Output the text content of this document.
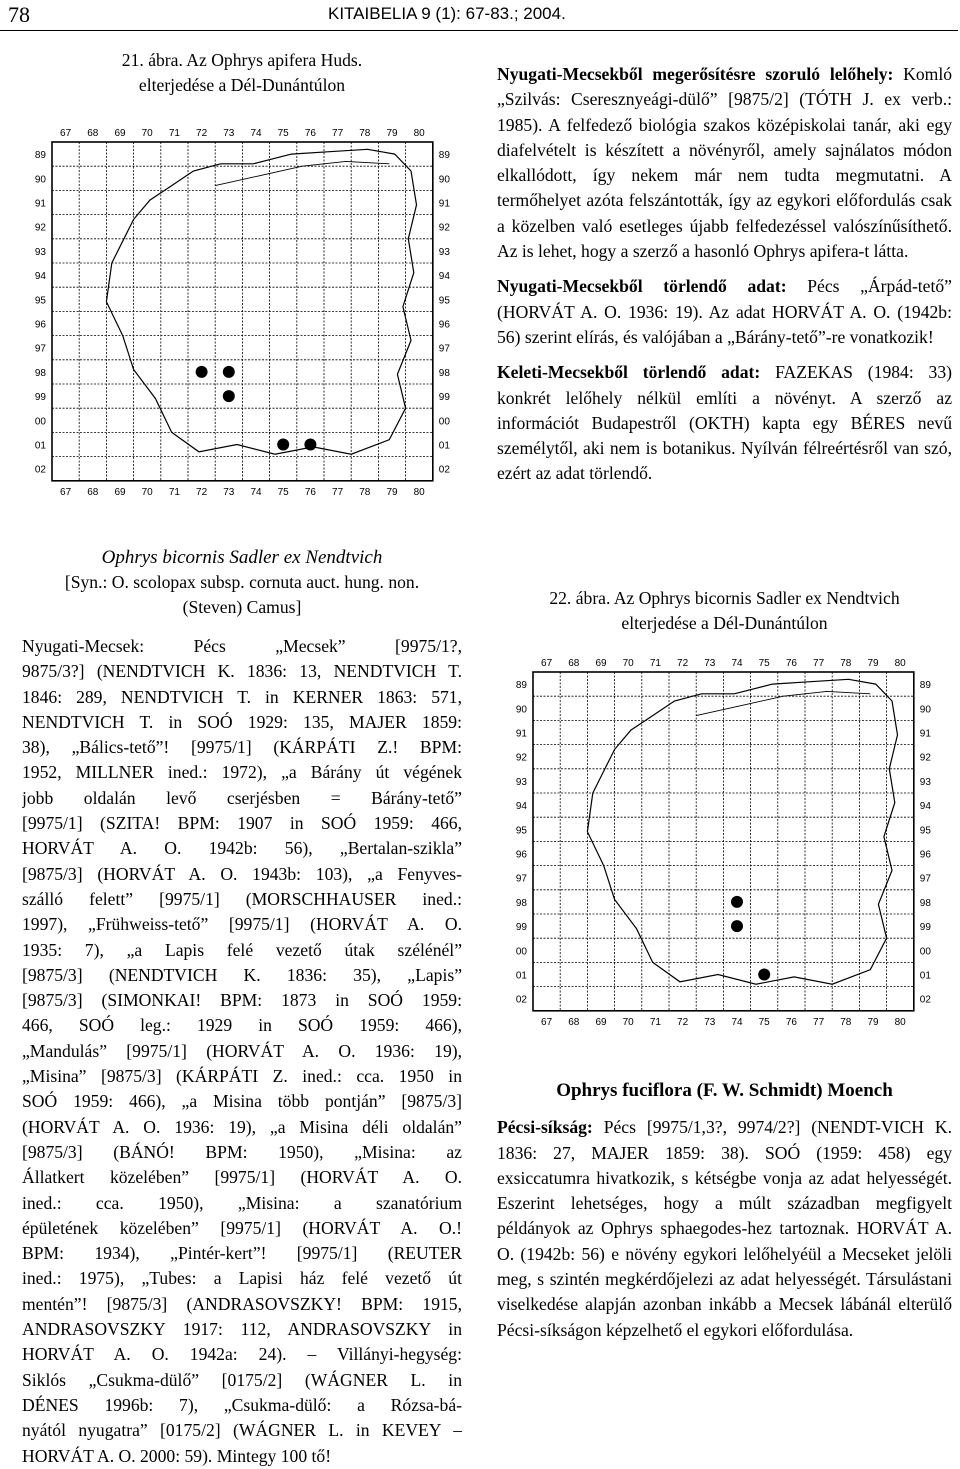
78	KITAIBELIA 9 (1): 67-83.; 2004.
21. ábra. Az Ophrys apifera Huds.
elterjedése a Dél-Dunántúlon
67
67
68
68
69
69
70
70
71
71
72
72
73
73
74
74
75
75
76
76
77
77
78
78
79
79
80
80
89	89
90	90
91	91
92	92
93	93
94	94
95	95
96	96
97	97
98	98
99	99
00	00
01	01
02	02
Ophrys bicornis Sadler ex Nendtvich
[Syn.: O. scolopax subsp. cornuta auct. hung. non.
(Steven) Camus]
Nyugati-Mecsek: Pécs „Mecsek” [9975/1?,
9875/3?] (NENDTVICH K. 1836: 13, NENDTVICH T.
1846: 289, NENDTVICH T. in KERNER 1863: 571,
NENDTVICH T. in SOÓ 1929: 135, MAJER 1859:
38), „Bálics-tető”! [9975/1] (KÁRPÁTI Z.! BPM:
1952, MILLNER ined.: 1972), „a Bárány út végének
jobb oldalán levő cserjésben = Bárány-tető”
[9975/1] (SZITA! BPM: 1907 in SOÓ 1959: 466,
HORVÁT A. O. 1942b: 56), „Bertalan-szikla”
[9875/3] (HORVÁT A. O. 1943b: 103), „a Fenyves-
szálló felett” [9975/1] (MORSCHHAUSER ined.:
1997), „Frühweiss-tető” [9975/1] (HORVÁT A. O.
1935: 7), „a Lapis felé vezető útak szélénél”
[9875/3] (NENDTVICH K. 1836: 35), „Lapis”
[9875/3] (SIMONKAI! BPM: 1873 in SOÓ 1959:
466, SOÓ leg.: 1929 in SOÓ 1959: 466),
„Mandulás” [9975/1] (HORVÁT A. O. 1936: 19),
„Misina” [9875/3] (KÁRPÁTI Z. ined.: cca. 1950 in
SOÓ 1959: 466), „a Misina több pontján” [9875/3]
(HORVÁT A. O. 1936: 19), „a Misina déli oldalán”
[9875/3] (BÁNÓ! BPM: 1950), „Misina: az
Állatkert közelében” [9975/1] (HORVÁT A. O.
ined.: cca. 1950), „Misina: a szanatórium
épületének közelében” [9975/1] (HORVÁT A. O.!
BPM: 1934), „Pintér-kert”! [9975/1] (REUTER
ined.: 1975), „Tubes: a Lapisi ház felé vezető út
mentén”! [9875/3] (ANDRASOVSZKY! BPM: 1915,
ANDRASOVSZKY 1917: 112, ANDRASOVSZKY in
HORVÁT A. O. 1942a: 24). – Villányi-hegység:
Siklós „Csukma-dülő” [0175/2] (WÁGNER L. in
DÉNES 1996b: 7), „Csukma-dülő: a Rózsa-bá-
nyától nyugatra” [0175/2] (WÁGNER L. in KEVEY –
HORVÁT A. O. 2000: 59). Mintegy 100 tő!

Nyugati-Mecsekből megerősítésre szoruló lelőhely: Komló „Szilvás: Cseresznyeági-dülő” [9875/2] (TÓTH J. ex verb.: 1985). A felfedező biológia szakos középiskolai tanár, aki egy diafelvételt is készített a növényről, amely sajnálatos módon elkallódott, így nekem már nem tudta megmutatni. A termőhelyet azóta felszántották, így az egykori előfordulás csak a közelben való esetleges újabb felfedezéssel valószínűsíthető. Az is lehet, hogy a szerző a hasonló Ophrys apifera-t látta.

Nyugati-Mecsekből törlendő adat: Pécs „Árpád-tető” (HORVÁT A. O. 1936: 19). Az adat HORVÁT A. O. (1942b: 56) szerint elírás, és valójában a „Bárány-tető”-re vonatkozik!

Keleti-Mecsekből törlendő adat: FAZEKAS (1984: 33) konkrét lelőhely nélkül említi a növényt. A szerző az információt Budapestről (OKTH) kapta egy BÉRES nevű személytől, aki nem is botanikus. Nyílván félreértésről van szó, ezért az adat törlendő.

22. ábra. Az Ophrys bicornis Sadler ex Nendtvich
elterjedése a Dél-Dunántúlon
67
67
68
68
69
69
70
70
71
71
72
72
73
73
74
74
75
75
76
76
77
77
78
78
79
79
80
80
89	89
90	90
91	91
92	92
93	93
94	94
95	95
96	96
97	97
98	98
99	99
00	00
01	01
02	02
Ophrys fuciflora (F. W. Schmidt) Moench

Pécsi-síkság: Pécs [9975/1,3?, 9974/2?] (NENDT-VICH K. 1836: 27, MAJER 1859: 38). SOÓ (1959: 458) egy exsiccatumra hivatkozik, s kétségbe vonja az adat helyességét. Eszerint lehetséges, hogy a múlt században megfigyelt példányok az Ophrys sphaegodes-hez tartoznak. HORVÁT A. O. (1942b: 56) e növény egykori lelőhelyéül a Mecseket jelöli meg, s szintén megkérdőjelezi az adat helyességét. Társulástani viselkedése alapján azonban inkább a Mecsek lábánál elterülő Pécsi-síkságon képzelhető el egykori előfordulása.
